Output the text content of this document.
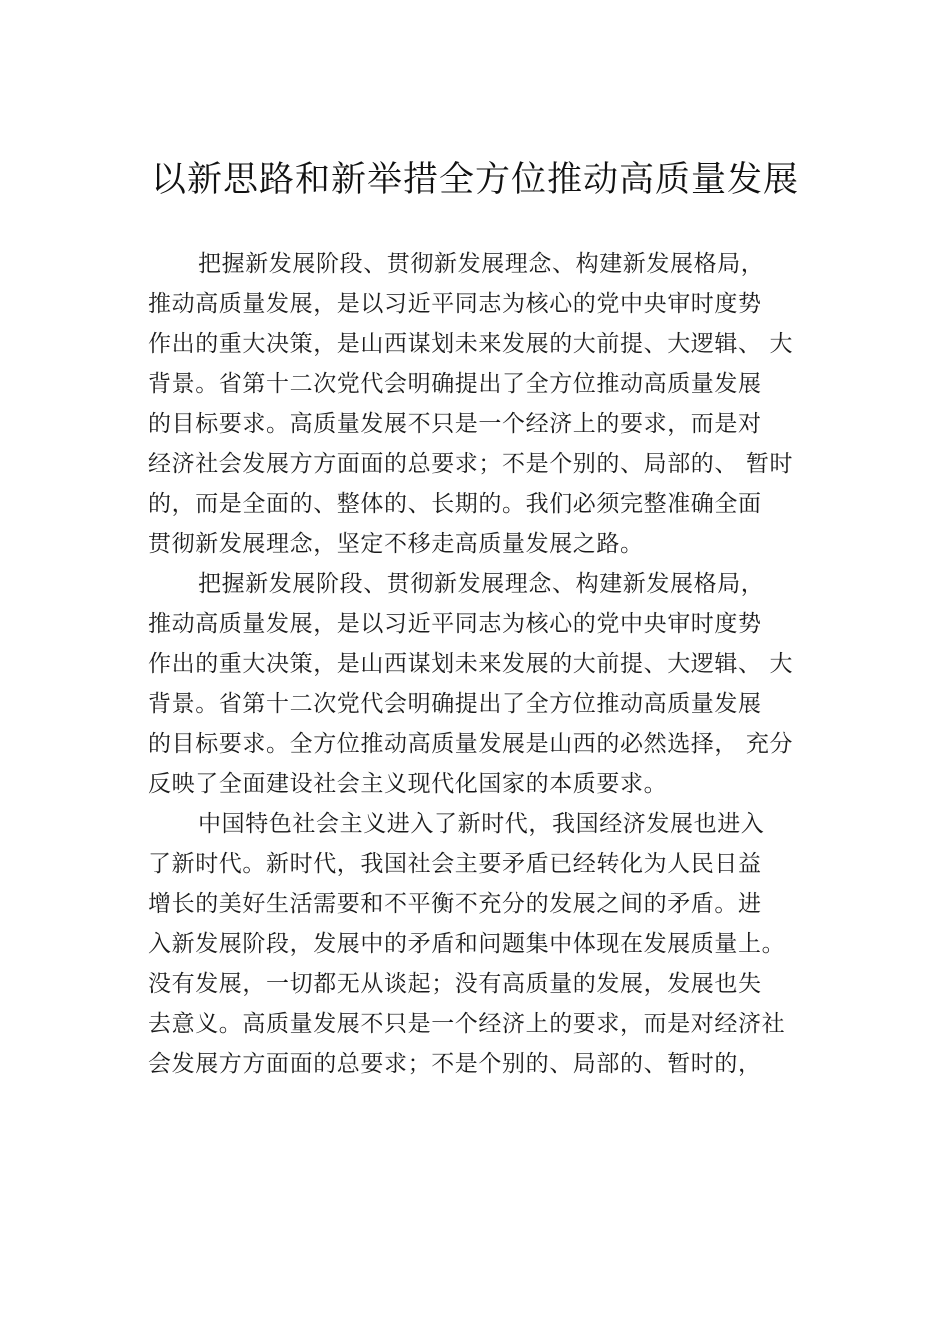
以新思路和新举措全方位推动高质量发展
把握新发展阶段、贯彻新发展理念、构建新发展格局，
推动高质量发展，是以习近平同志为核心的党中央审时度势
作出的重大决策，是山西谋划未来发展的大前提、大逻辑、 大
背景。省第十二次党代会明确提出了全方位推动高质量发展
的目标要求。高质量发展不只是一个经济上的要求，而是对
经济社会发展方方面面的总要求；不是个别的、局部的、 暂时
的，而是全面的、整体的、长期的。我们必须完整准确全面
贯彻新发展理念，坚定不移走高质量发展之路。
把握新发展阶段、贯彻新发展理念、构建新发展格局，
推动高质量发展，是以习近平同志为核心的党中央审时度势
作出的重大决策，是山西谋划未来发展的大前提、大逻辑、 大
背景。省第十二次党代会明确提出了全方位推动高质量发展
的目标要求。全方位推动高质量发展是山西的必然选择， 充分
反映了全面建设社会主义现代化国家的本质要求。
中国特色社会主义进入了新时代，我国经济发展也进入
了新时代。新时代，我国社会主要矛盾已经转化为人民日益
增长的美好生活需要和不平衡不充分的发展之间的矛盾。进
入新发展阶段，发展中的矛盾和问题集中体现在发展质量上。
没有发展，一切都无从谈起；没有高质量的发展，发展也失
去意义。高质量发展不只是一个经济上的要求，而是对经济社
会发展方方面面的总要求；不是个别的、局部的、暂时的，
